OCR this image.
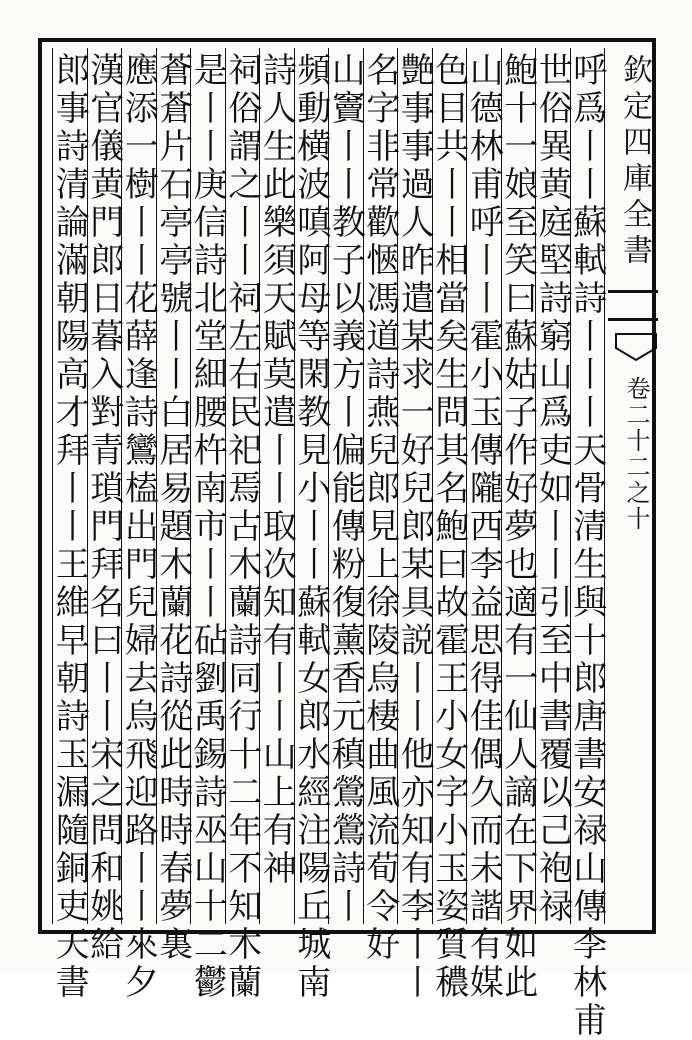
欽定四庫全書
卷二十二之十
呼爲丨丨蘇軾詩丨丨丨天骨清生與十郎唐書安禄山傳李林甫
世俗異黄庭堅詩窮山爲吏如丨丨引至中書覆以己袍禄
鮑十一娘至笑曰蘇姑子作好夢也適有一仙人謫在下界如此
山德林甫呼丨丨霍小玉傳隴西李益思得佳偶久而未諧有媒
色目共丨丨相當矣生問其名鮑曰故霍王小女字小玉姿質穠
艶事事過人昨遣某求一好兒郎某具説丨丨他亦知有李丨丨
名字非常歡愜馮道詩燕兒郎見上徐陵烏棲曲風流荀令好
山竇丨丨教子以義方丨偏能傳粉復薰香元稹鶯鶯詩丨
頻動横波嗔阿母等閑教見小丨丨蘇軾女郎水經注陽丘城南
詩人生此樂須天賦莫遣丨丨取次知有丨丨山上有神
祠俗謂之丨丨祠左右民祀焉古木蘭詩同行十二年不知木蘭
是丨丨庚信詩北堂細腰杵南市丨丨砧劉禹錫詩巫山十二鬱
蒼蒼片石亭亭號丨丨白居易題木蘭花詩從此時時春夢裏
應添一樹丨丨花薛逢詩鸞榼出門兒婦去烏飛迎路丨丨來夕
漢官儀黄門郎日暮入對青瑣門拜名曰丨丨宋之問和姚給
郎事詩清論滿朝陽高才拜丨丨王維早朝詩玉漏隨銅吏天書
